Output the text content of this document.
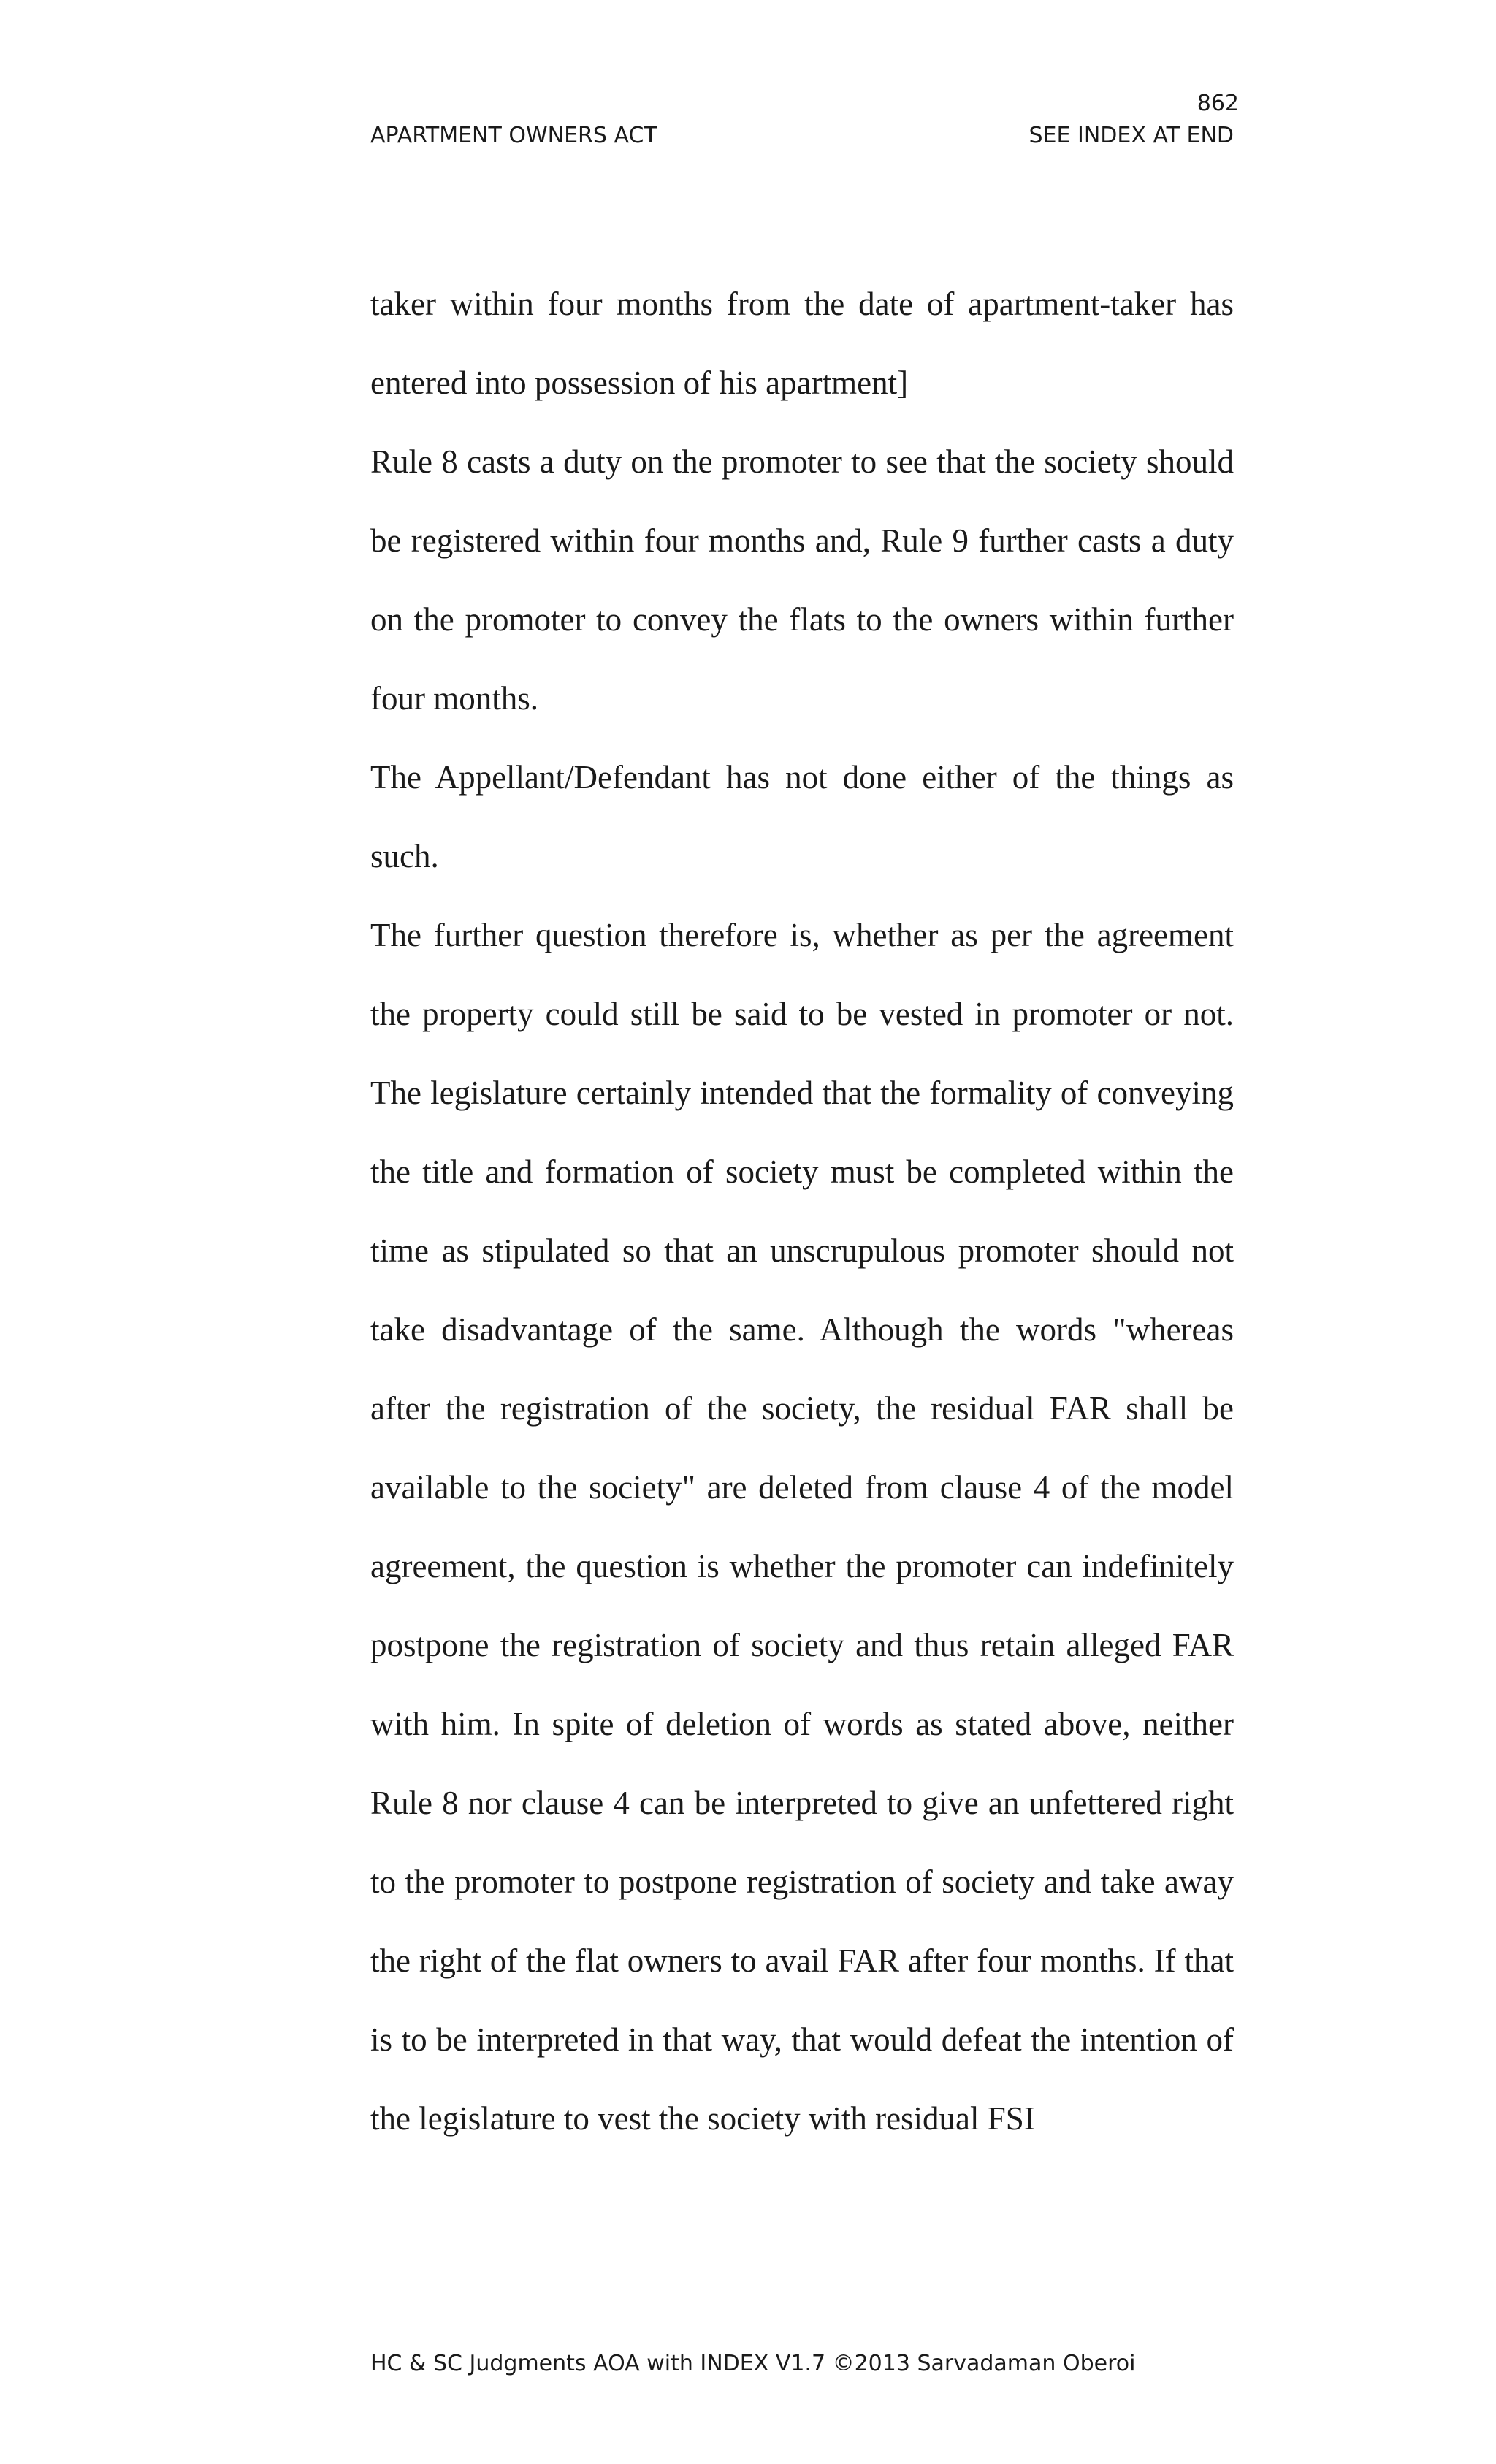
862
APARTMENT OWNERS ACT	SEE INDEX AT END

taker within four months from the date of apartment-taker has entered into possession of his apartment]

Rule 8 casts a duty on the promoter to see that the society should be registered within four months and, Rule 9 further casts a duty on the promoter to convey the flats to the owners within further four months.

The Appellant/Defendant has not done either of the things as such.

The further question therefore is, whether as per the agreement the property could still be said to be vested in promoter or not. The legislature certainly intended that the formality of conveying the title and formation of society must be completed within the time as stipulated so that an unscrupulous promoter should not take disadvantage of the same. Although the words "whereas after the registration of the society, the residual FAR shall be available to the society" are deleted from clause 4 of the model agreement, the question is whether the promoter can indefinitely postpone the registration of society and thus retain alleged FAR with him. In spite of deletion of words as stated above, neither Rule 8 nor clause 4 can be interpreted to give an unfettered right to the promoter to postpone registration of society and take away the right of the flat owners to avail FAR after four months. If that is to be interpreted in that way, that would defeat the intention of the legislature to vest the society with residual FSI

HC & SC Judgments AOA with INDEX V1.7 ©2013 Sarvadaman Oberoi
